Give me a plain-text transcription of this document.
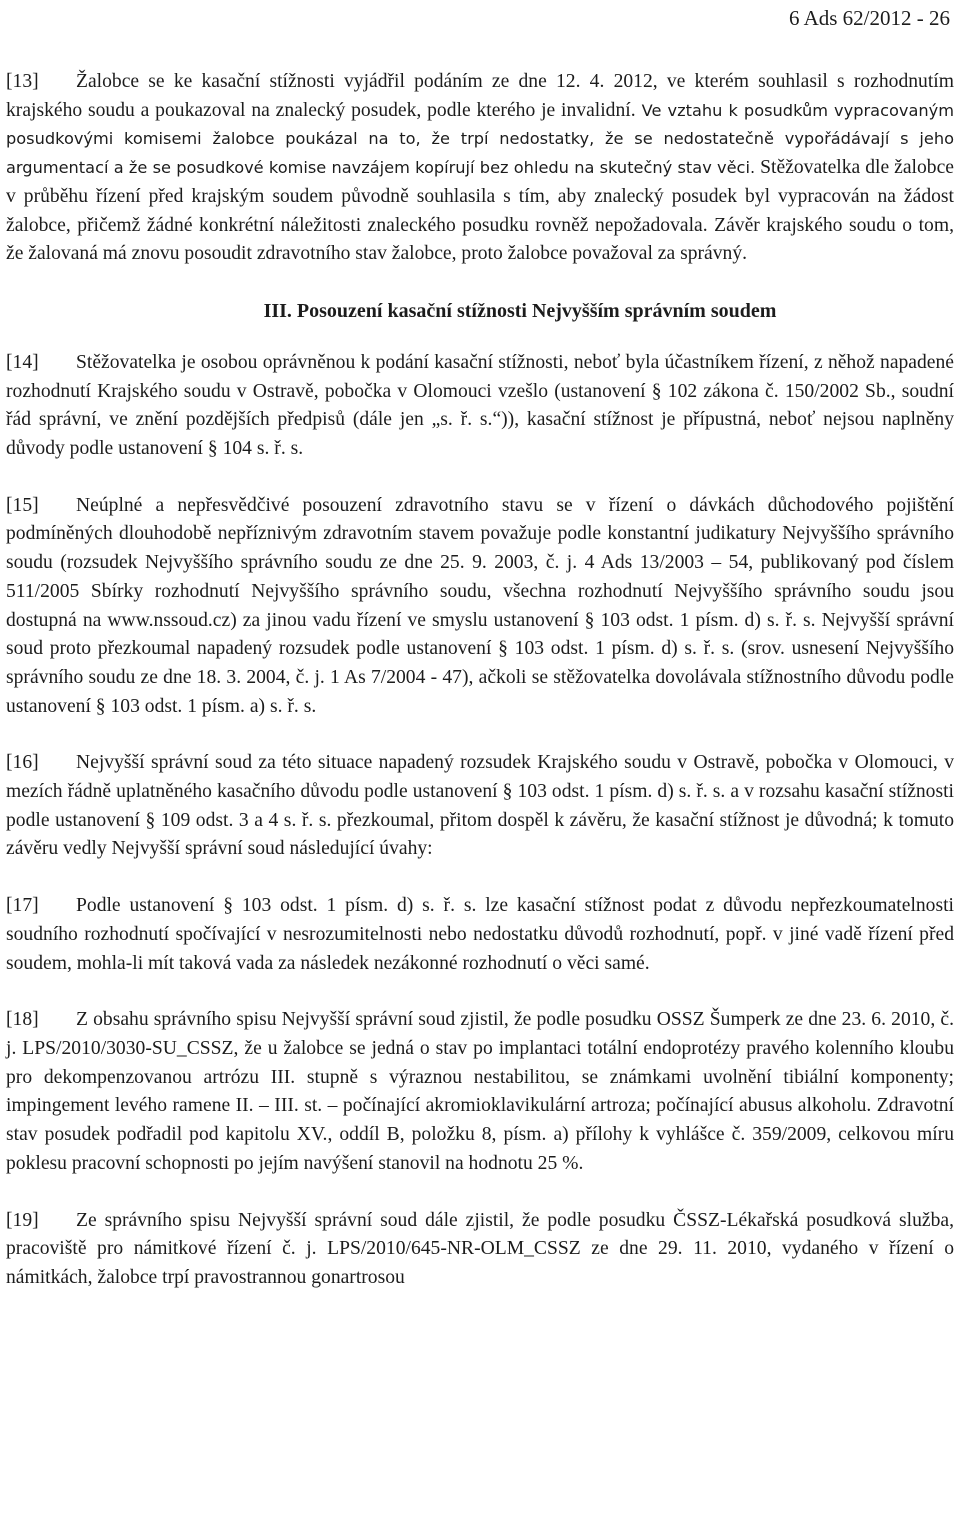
6 Ads 62/2012 - 26

[13] Žalobce se ke kasační stížnosti vyjádřil podáním ze dne 12. 4. 2012, ve kterém souhlasil s rozhodnutím krajského soudu a poukazoval na znalecký posudek, podle kterého je invalidní. Ve vztahu k posudkům vypracovaným posudkovými komisemi žalobce poukázal na to, že trpí nedostatky, že se nedostatečně vypořádávají s jeho argumentací a že se posudkové komise navzájem kopírují bez ohledu na skutečný stav věci. Stěžovatelka dle žalobce v průběhu řízení před krajským soudem původně souhlasila s tím, aby znalecký posudek byl vypracován na žádost žalobce, přičemž žádné konkrétní náležitosti znaleckého posudku rovněž nepožadovala. Závěr krajského soudu o tom, že žalovaná má znovu posoudit zdravotního stav žalobce, proto žalobce považoval za správný.

III. Posouzení kasační stížnosti Nejvyšším správním soudem

[14] Stěžovatelka je osobou oprávněnou k podání kasační stížnosti, neboť byla účastníkem řízení, z něhož napadené rozhodnutí Krajského soudu v Ostravě, pobočka v Olomouci vzešlo (ustanovení § 102 zákona č. 150/2002 Sb., soudní řád správní, ve znění pozdějších předpisů (dále jen „s. ř. s.“)), kasační stížnost je přípustná, neboť nejsou naplněny důvody podle ustanovení § 104 s. ř. s.

[15] Neúplné a nepřesvědčivé posouzení zdravotního stavu se v řízení o dávkách důchodového pojištění podmíněných dlouhodobě nepříznivým zdravotním stavem považuje podle konstantní judikatury Nejvyššího správního soudu (rozsudek Nejvyššího správního soudu ze dne 25. 9. 2003, č. j. 4 Ads 13/2003 – 54, publikovaný pod číslem 511/2005 Sbírky rozhodnutí Nejvyššího správního soudu, všechna rozhodnutí Nejvyššího správního soudu jsou dostupná na www.nssoud.cz) za jinou vadu řízení ve smyslu ustanovení § 103 odst. 1 písm. d) s. ř. s. Nejvyšší správní soud proto přezkoumal napadený rozsudek podle ustanovení § 103 odst. 1 písm. d) s. ř. s. (srov. usnesení Nejvyššího správního soudu ze dne 18. 3. 2004, č. j. 1 As 7/2004 - 47), ačkoli se stěžovatelka dovolávala stížnostního důvodu podle ustanovení § 103 odst. 1 písm. a) s. ř. s.

[16] Nejvyšší správní soud za této situace napadený rozsudek Krajského soudu v Ostravě, pobočka v Olomouci, v mezích řádně uplatněného kasačního důvodu podle ustanovení § 103 odst. 1 písm. d) s. ř. s. a v rozsahu kasační stížnosti podle ustanovení § 109 odst. 3 a 4 s. ř. s. přezkoumal, přitom dospěl k závěru, že kasační stížnost je důvodná; k tomuto závěru vedly Nejvyšší správní soud následující úvahy:

[17] Podle ustanovení § 103 odst. 1 písm. d) s. ř. s. lze kasační stížnost podat z důvodu nepřezkoumatelnosti soudního rozhodnutí spočívající v nesrozumitelnosti nebo nedostatku důvodů rozhodnutí, popř. v jiné vadě řízení před soudem, mohla-li mít taková vada za následek nezákonné rozhodnutí o věci samé.

[18] Z obsahu správního spisu Nejvyšší správní soud zjistil, že podle posudku OSSZ Šumperk ze dne 23. 6. 2010, č. j. LPS/2010/3030-SU_CSSZ, že u žalobce se jedná o stav po implantaci totální endoprotézy pravého kolenního kloubu pro dekompenzovanou artrózu III. stupně s výraznou nestabilitou, se známkami uvolnění tibiální komponenty; impingement levého ramene II. – III. st. – počínající akromioklavikulární artroza; počínající abusus alkoholu. Zdravotní stav posudek podřadil pod kapitolu XV., oddíl B, položku 8, písm. a) přílohy k vyhlášce č. 359/2009, celkovou míru poklesu pracovní schopnosti po jejím navýšení stanovil na hodnotu 25 %.

[19] Ze správního spisu Nejvyšší správní soud dále zjistil, že podle posudku ČSSZ-Lékařská posudková služba, pracoviště pro námitkové řízení č. j. LPS/2010/645-NR-OLM_CSSZ ze dne 29. 11. 2010, vydaného v řízení o námitkách, žalobce trpí pravostrannou gonartrosou
